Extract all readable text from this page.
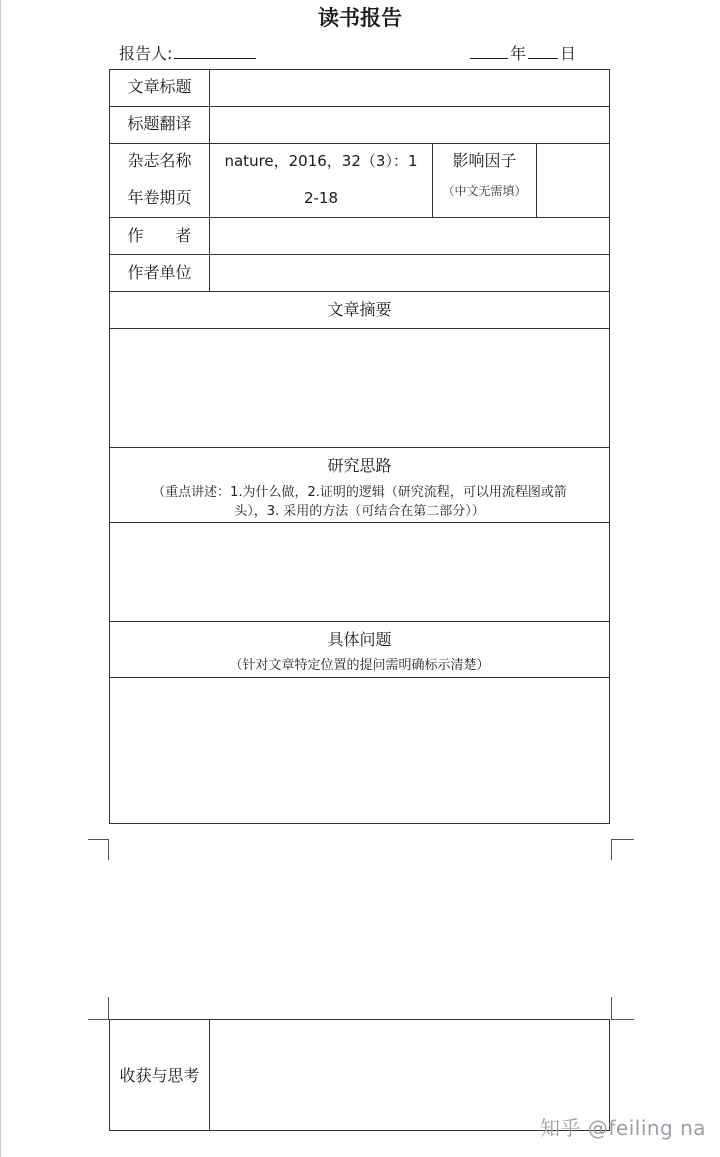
读书报告
报告人:	年 日
文章标题
标题翻译
杂志名称
年卷期页
nature，2016，32（3）：1
2-18
影响因子
（中文无需填）
作　　者
作者单位
文章摘要
研究思路
（重点讲述：1.为什么做，2.证明的逻辑（研究流程，可以用流程图或箭
头），3. 采用的方法（可结合在第二部分））
具体问题
（针对文章特定位置的提问需明确标示清楚）
收获与思考
知乎 @feiling na
